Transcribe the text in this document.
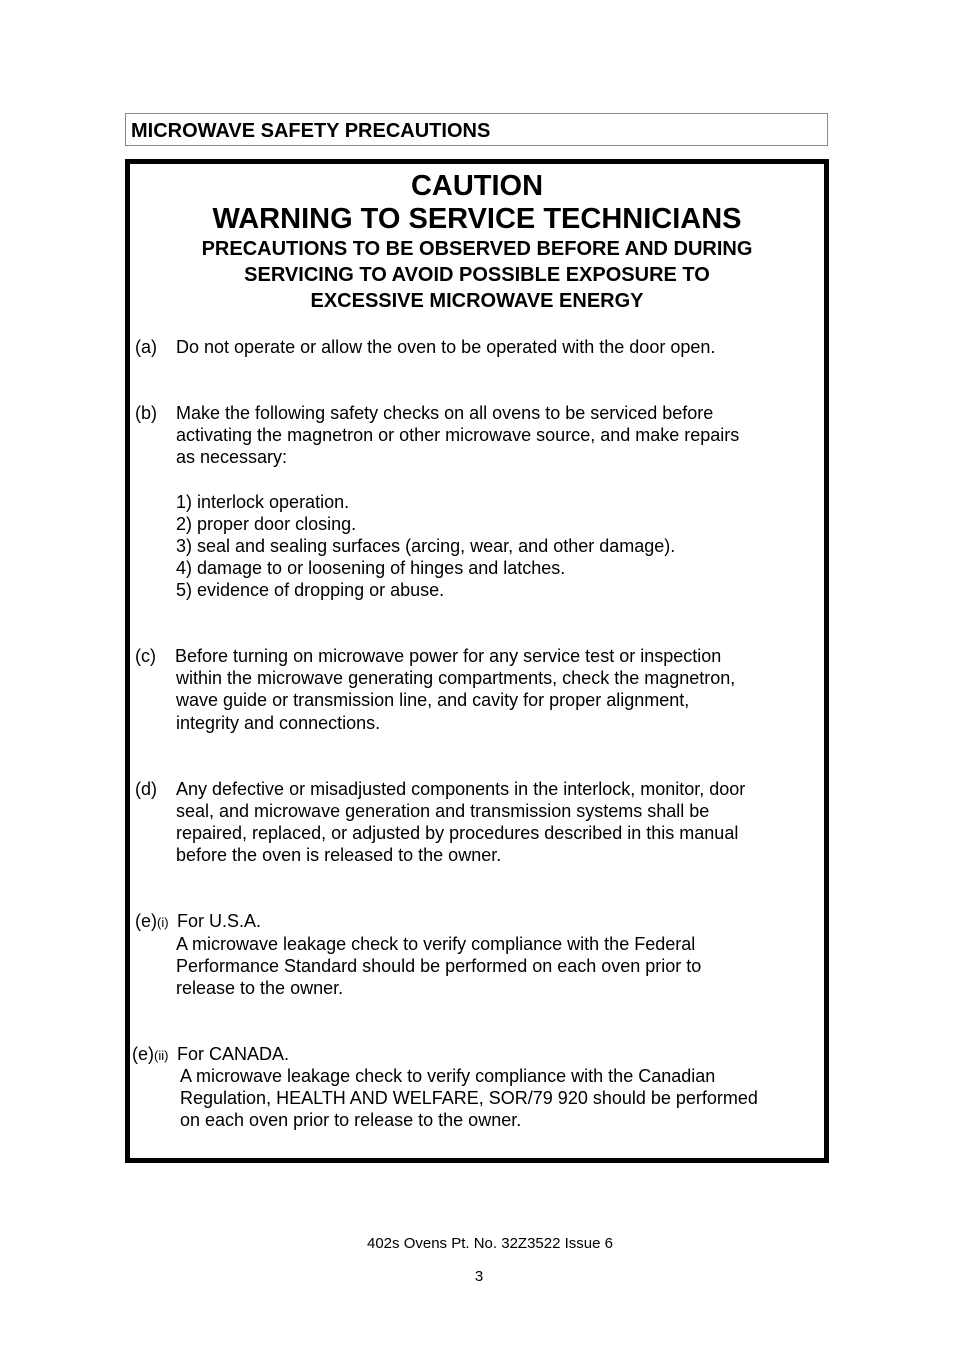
MICROWAVE SAFETY PRECAUTIONS
CAUTION
WARNING TO SERVICE TECHNICIANS
PRECAUTIONS TO BE OBSERVED BEFORE AND DURING
SERVICING TO AVOID POSSIBLE EXPOSURE TO
EXCESSIVE MICROWAVE ENERGY
(a) Do not operate or allow the oven to be operated with the door open.
(b) Make the following safety checks on all ovens to be serviced before
activating the magnetron or other microwave source, and make repairs
as necessary:
1) interlock operation.
2) proper door closing.
3) seal and sealing surfaces (arcing, wear, and other damage).
4) damage to or loosening of hinges and latches.
5) evidence of dropping or abuse.
(c) Before turning on microwave power for any service test or inspection
within the microwave generating compartments, check the magnetron,
wave guide or transmission line, and cavity for proper alignment,
integrity and connections.
(d) Any defective or misadjusted components in the interlock, monitor, door
seal, and microwave generation and transmission systems shall be
repaired, replaced, or adjusted by procedures described in this manual
before the oven is released to the owner.
(e)(i) For U.S.A.
A microwave leakage check to verify compliance with the Federal
Performance Standard should be performed on each oven prior to
release to the owner.
(e)(ii) For CANADA.
A microwave leakage check to verify compliance with the Canadian
Regulation, HEALTH AND WELFARE, SOR/79 920 should be performed
on each oven prior to release to the owner.
402s Ovens Pt. No. 32Z3522 Issue 6
3
